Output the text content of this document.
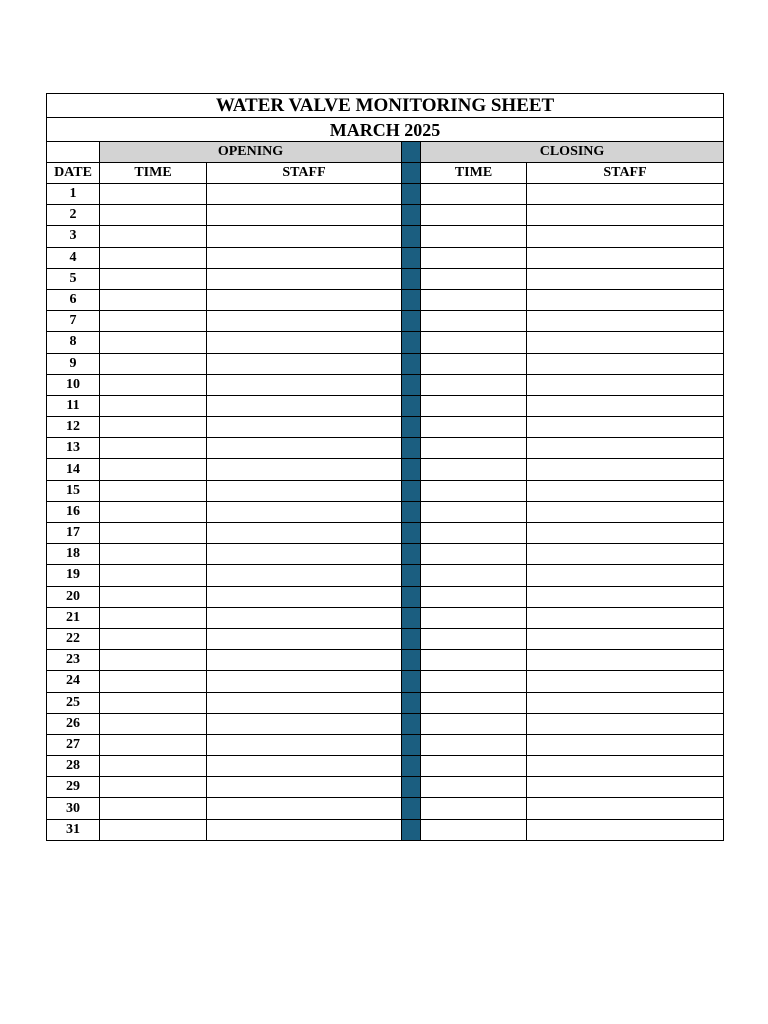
WATER VALVE MONITORING SHEET					
MARCH 2025					
	OPENING			CLOSING	
DATE	TIME	STAFF		TIME	STAFF
1					
2					
3					
4					
5					
6					
7					
8					
9					
10					
11					
12					
13					
14					
15					
16					
17					
18					
19					
20					
21					
22					
23					
24					
25					
26					
27					
28					
29					
30					
31					
